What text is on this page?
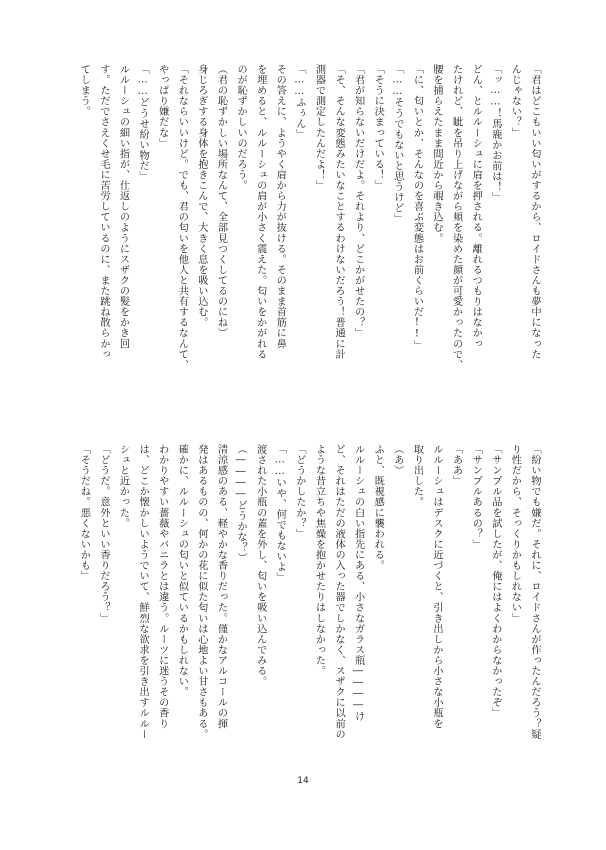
「君はどこもいい匂いがするから、ロイドさんも夢中になった
んじゃない？」
「ッ……！馬鹿かお前は！」
どん、とルルーシュに肩を押される。離れるつもりはなかっ
たけれど、眦を吊り上げながら頬を染めた顔が可愛かったので、
腰を捕らえたまま間近から覗き込む。
「に、匂いとか、そんなのを喜ぶ変態はお前くらいだ!!」
「……そうでもないと思うけど」
「そうに決まっている！」
「君が知らないだけだよ。それより、どこかがせたの？」
「そ、そんな変態みたいなことするわけないだろう！普通に計
測器で測定したんだよ！」
「……ふぅん」
その答えに、ようやく肩から力が抜ける。そのまま首筋に鼻
を埋めると、ルルーシュの肩が小さく震えた。匂いをかがれる
のが恥ずかしいのだろう。
（君の恥ずかしい場所なんて、全部見つくしてるのにね）
身じろぎする身体を抱きこんで、大きく息を吸い込む。
「それならいいけど。でも、君の匂いを他人と共有するなんて、
やっぱり嫌だな」
「……どうせ紛い物だ」
ルルーシュの細い指が、仕返しのようにスザクの髪をかき回
す。ただでさえくせ毛に苦労しているのに、また跳ね散らかっ
てしまう。
「紛い物でも嫌だ。それに、ロイドさんが作ったんだろう？疑
り性だから、そっくりかもしれない」
「サンプル品を試したが、俺にはよくわからなかったぞ」
「サンプルあるの？」
「ああ」
ルルーシュはデスクに近づくと、引き出しから小さな小瓶を
取り出した。
（あ）
ふと、既視感に襲われる。
ルルーシュの白い指先にある、小さなガラス瓶――――け
ど、それはただの液体の入った器でしかなく、スザクに以前の
ような昔立ちや焦燥を抱かせたりはしなかった。
「どうかしたか？」
「……いや、何でもないよ」
渡された小瓶の蓋を外し、匂いを吸い込んでみる。
（――――どうかな？）
清涼感のある、軽やかな香りだった。僅かなアルコールの揮
発はあるものの、何かの花に似た匂いは心地よい甘さもある。
確かに、ルルーシュの匂いと似ているかもしれない。
わかりやすい薔薇やバニラとは違う。ルーツに迷うその香り
は、どこか懐かしいようでいて、鮮烈な欲求を引き出すルルー
シュと近かった。
「どうだ。意外といい香りだろう？」
「そうだね。悪くないかも」
14
